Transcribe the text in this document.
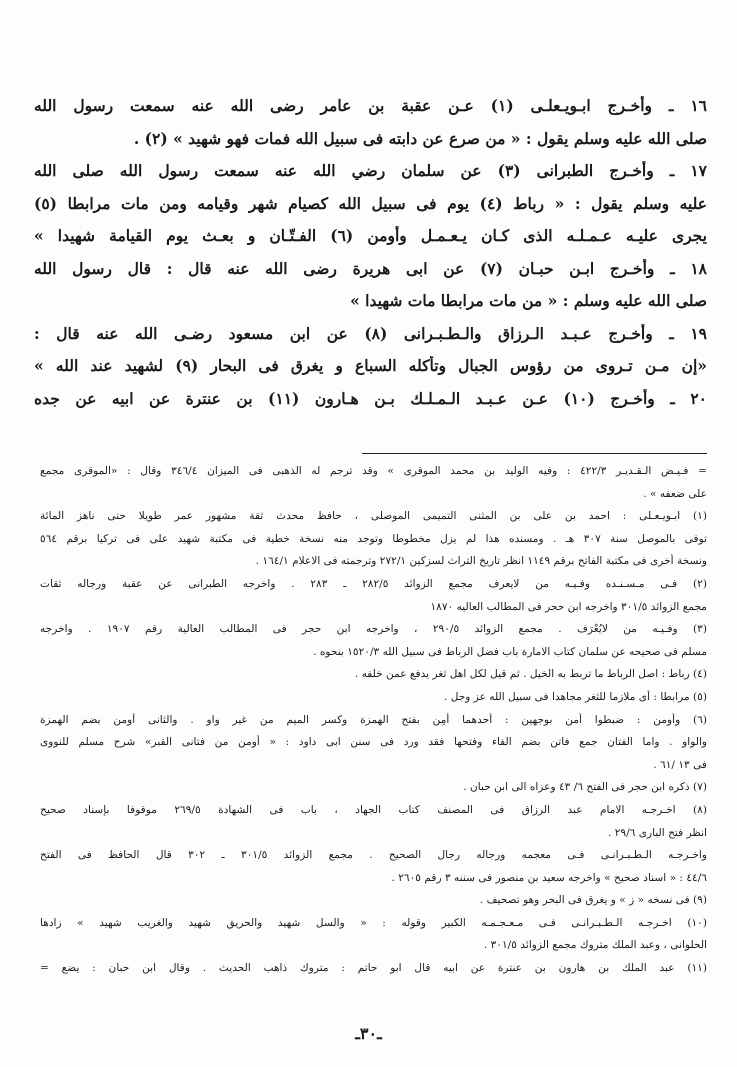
١٦ ـ وأخـرج ابـويـعلـى (١) عـن عقبة بن عامر رضى الله عنه سمعت رسول الله
صلى الله عليه وسلم يقول : « من صرع عن دابته فى سبيل الله فمات فهو شهيد » (٢) .
١٧ ـ وأخـرج الطبرانى (٣) عن سلمان رضي الله عنه سمعت رسول الله صلى الله
عليه وسلم يقول : « رباط (٤) يوم فى سبيل الله كصيام شهر وقيامه ومن مات مرابطا (٥)
يجرى عليـه عـمـلـه الذى كـان يـعـمـل وأُومن (٦) الفـتّـان و بعـث يوم القيامة شهيدا »
١٨ ـ وأخـرج ابـن حبـان (٧) عن ابى هريرة رضى الله عنه قال : قال رسول الله
صلى الله عليه وسلم : « من مات مرابطا مات شهيدا »
١٩ ـ وأخـرج عـبـد الـرزاق والـطـبـرانى (٨) عن ابن مسعود رضـى الله عنه قال :
«إن مـن تـروى من رؤوس الجبال وتأكله السباع و يغرق فى البحار (٩) لشهيد عند الله »
٢٠ ـ وأخـرج (١٠) عـن عـبـد الـمـلـك بـن هـارون (١١) بن عنترة عن ابيه عن جده
= فـيـض الـقـديـر ٤٢٢/٣ : وفيه الوليد بن محمد الموقرى » وقد ترجم له الذهبى فى الميزان ٣٤٦/٤ وقال : «الموقرى مجمع
على ضعفه » .
(١) ابـويـعـلى : احمد بن على بن المثنى التميمى الموصلى ، حافظ محدث ثقة مشهور عمر طويلا حتى ناهز المائة
توفى بالموصل سنة ٣٠٧ هـ . ومسنده هذا لم يزل مخطوطا وتوجد منه نسخة خطية فى مكتبة شهيد على فى تركيا برقم ٥٦٤
ونسخة أخرى فى مكتبة الفاتح برقم ١١٤٩ انظر تاريخ التراث لسزكين ٢٧٢/١ وترجمته فى الاعلام ١٦٤/١ .
(٢) فـى مـسـنـده وفـيـه من لايعرف مجمع الزوائد ٢٨٢/٥ ـ ٢٨٣ . واخرجه الطبرانى عن عقبة ورجاله ثقات
مجمع الزوائد ٣٠١/٥ واخرجه ابن حجر فى المطالب العاليه ١٨٧٠
(٣) وفـيـه من لايُعْرَف . مجمع الزوائد ٢٩٠/٥ ، واخرجه ابن حجر فى المطالب العالية رقم ١٩٠٧ . واخرجه
مسلم فى صحيحه عن سلمان كتاب الامارة باب فضل الرباط فى سبيل الله ١٥٢٠/٣ بنحوه .
(٤) رباط : اصل الرباط ما تربط به الخيل . ثم قيل لكل اهل ثغر يدفع عمن خلفه .
(٥) مرابطا : أى ملازما للثغر مجاهدا فى سبيل الله عز وجل .
(٦) وأُومن : ضبطوا أمن بوجهين : أحدهما أمِن بفتح الهمزة وكسر الميم من غير واو . والثانى أومن بضم الهمزة
والواو . واما الفتان جمع فاتن بضم الفاء وفتحها فقد ورد فى سنن ابى داود : « أومن من فتانى القبر» شرح مسلم للنووى
فى ١٣ /٦١ .
(٧) ذكره ابن حجر فى الفتح ٦/ ٤٣ وعزاه الى ابن حبان .
(٨) اخـرجـه الامام عبد الرزاق فى المصنف كتاب الجهاد ، باب فى الشهادة ٢٦٩/٥ موقوفا بإسناد صحيح
انظر فتح البارى ٢٩/٦ .
واخـرجـه الـطـبـرانـى فـى معجمه ورجاله رجال الصحيح . مجمع الزوائد ٣٠١/٥ ـ ٣٠٢ قال الحافظ فى الفتح
٤٤/٦ : « اسناد صحيح » واخرجه سعيد بن منصور فى سننه ٣ رقم ٢٦٠٥ .
(٩) فى نسخه « ز » و يغرق فى البحر وهو تصحيف .
(١٠) اخـرجـه الـطـبـرانـى فـى مـعـجـمـه الكبير وقوله : « والسل شهيد والحريق شهيد والغريب شهيد » زادها
الحلوانى ، وعبد الملك متروك مجمع الزوائد ٣٠١/٥ .
(١١) عبد الملك بن هارون بن عنترة عن ابيه قال ابو حاتم : متروك ذاهب الحديث . وقال ابن حبان : يضع =
ـ٣٠ـ
